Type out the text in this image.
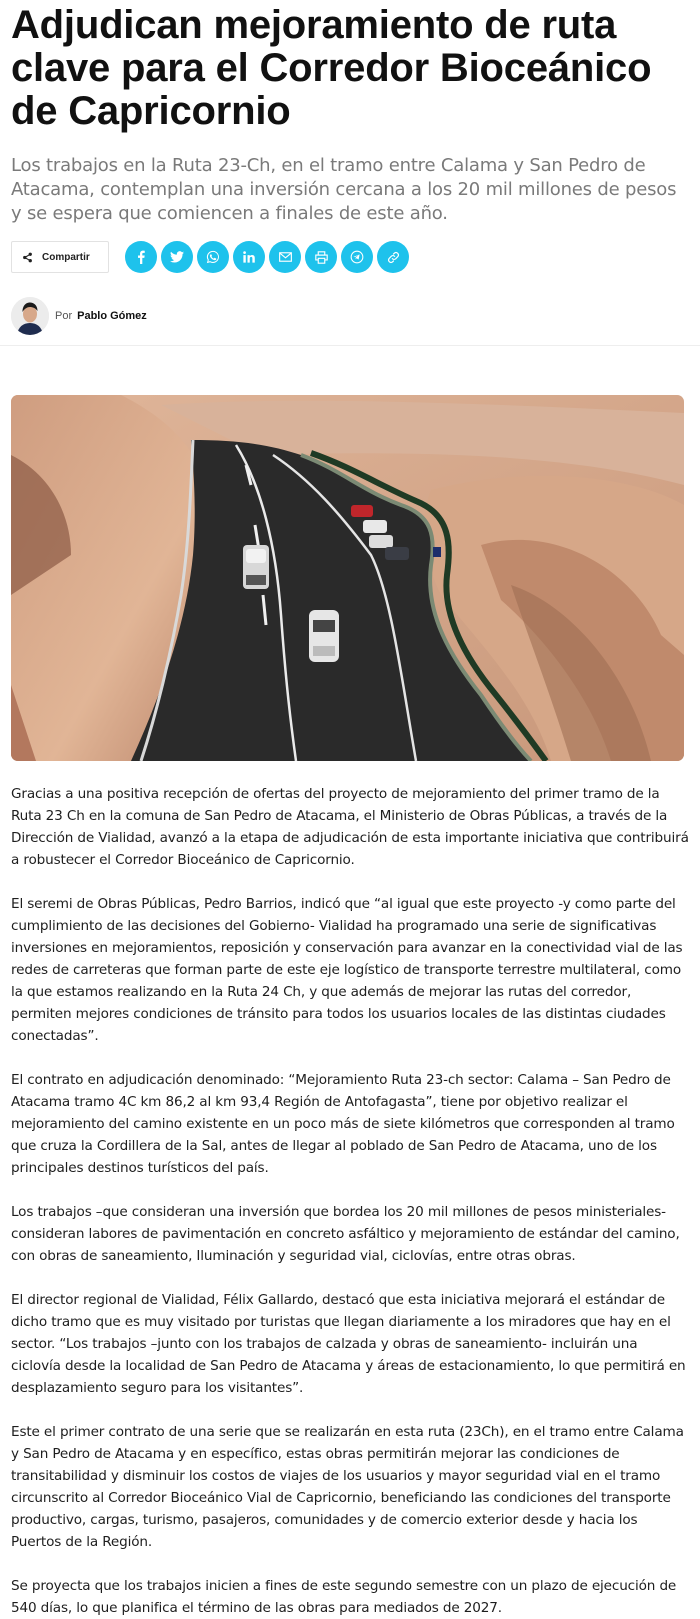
Adjudican mejoramiento de ruta clave para el Corredor Bioceánico de Capricornio

Los trabajos en la Ruta 23-Ch, en el tramo entre Calama y San Pedro de Atacama, contemplan una inversión cercana a los 20 mil millones de pesos y se espera que comiencen a finales de este año.

Compartir
Por Pablo Gómez

Gracias a una positiva recepción de ofertas del proyecto de mejoramiento del primer tramo de la Ruta 23 Ch en la comuna de San Pedro de Atacama, el Ministerio de Obras Públicas, a través de la Dirección de Vialidad, avanzó a la etapa de adjudicación de esta importante iniciativa que contribuirá a robustecer el Corredor Bioceánico de Capricornio.

El seremi de Obras Públicas, Pedro Barrios, indicó que “al igual que este proyecto -y como parte del cumplimiento de las decisiones del Gobierno- Vialidad ha programado una serie de significativas inversiones en mejoramientos, reposición y conservación para avanzar en la conectividad vial de las redes de carreteras que forman parte de este eje logístico de transporte terrestre multilateral, como la que estamos realizando en la Ruta 24 Ch, y que además de mejorar las rutas del corredor, permiten mejores condiciones de tránsito para todos los usuarios locales de las distintas ciudades conectadas”.

El contrato en adjudicación denominado: “Mejoramiento Ruta 23-ch sector: Calama – San Pedro de Atacama tramo 4C km 86,2 al km 93,4 Región de Antofagasta”, tiene por objetivo realizar el mejoramiento del camino existente en un poco más de siete kilómetros que corresponden al tramo que cruza la Cordillera de la Sal, antes de llegar al poblado de San Pedro de Atacama, uno de los principales destinos turísticos del país.

Los trabajos –que consideran una inversión que bordea los 20 mil millones de pesos ministeriales- consideran labores de pavimentación en concreto asfáltico y mejoramiento de estándar del camino, con obras de saneamiento, Iluminación y seguridad vial, ciclovías, entre otras obras.

El director regional de Vialidad, Félix Gallardo, destacó que esta iniciativa mejorará el estándar de dicho tramo que es muy visitado por turistas que llegan diariamente a los miradores que hay en el sector. “Los trabajos –junto con los trabajos de calzada y obras de saneamiento- incluirán una ciclovía desde la localidad de San Pedro de Atacama y áreas de estacionamiento, lo que permitirá en desplazamiento seguro para los visitantes”.

Este el primer contrato de una serie que se realizarán en esta ruta (23Ch), en el tramo entre Calama y San Pedro de Atacama y en específico, estas obras permitirán mejorar las condiciones de transitabilidad y disminuir los costos de viajes de los usuarios y mayor seguridad vial en el tramo circunscrito al Corredor Bioceánico Vial de Capricornio, beneficiando las condiciones del transporte productivo, cargas, turismo, pasajeros, comunidades y de comercio exterior desde y hacia los Puertos de la Región.

Se proyecta que los trabajos inicien a fines de este segundo semestre con un plazo de ejecución de 540 días, lo que planifica el término de las obras para mediados de 2027.
